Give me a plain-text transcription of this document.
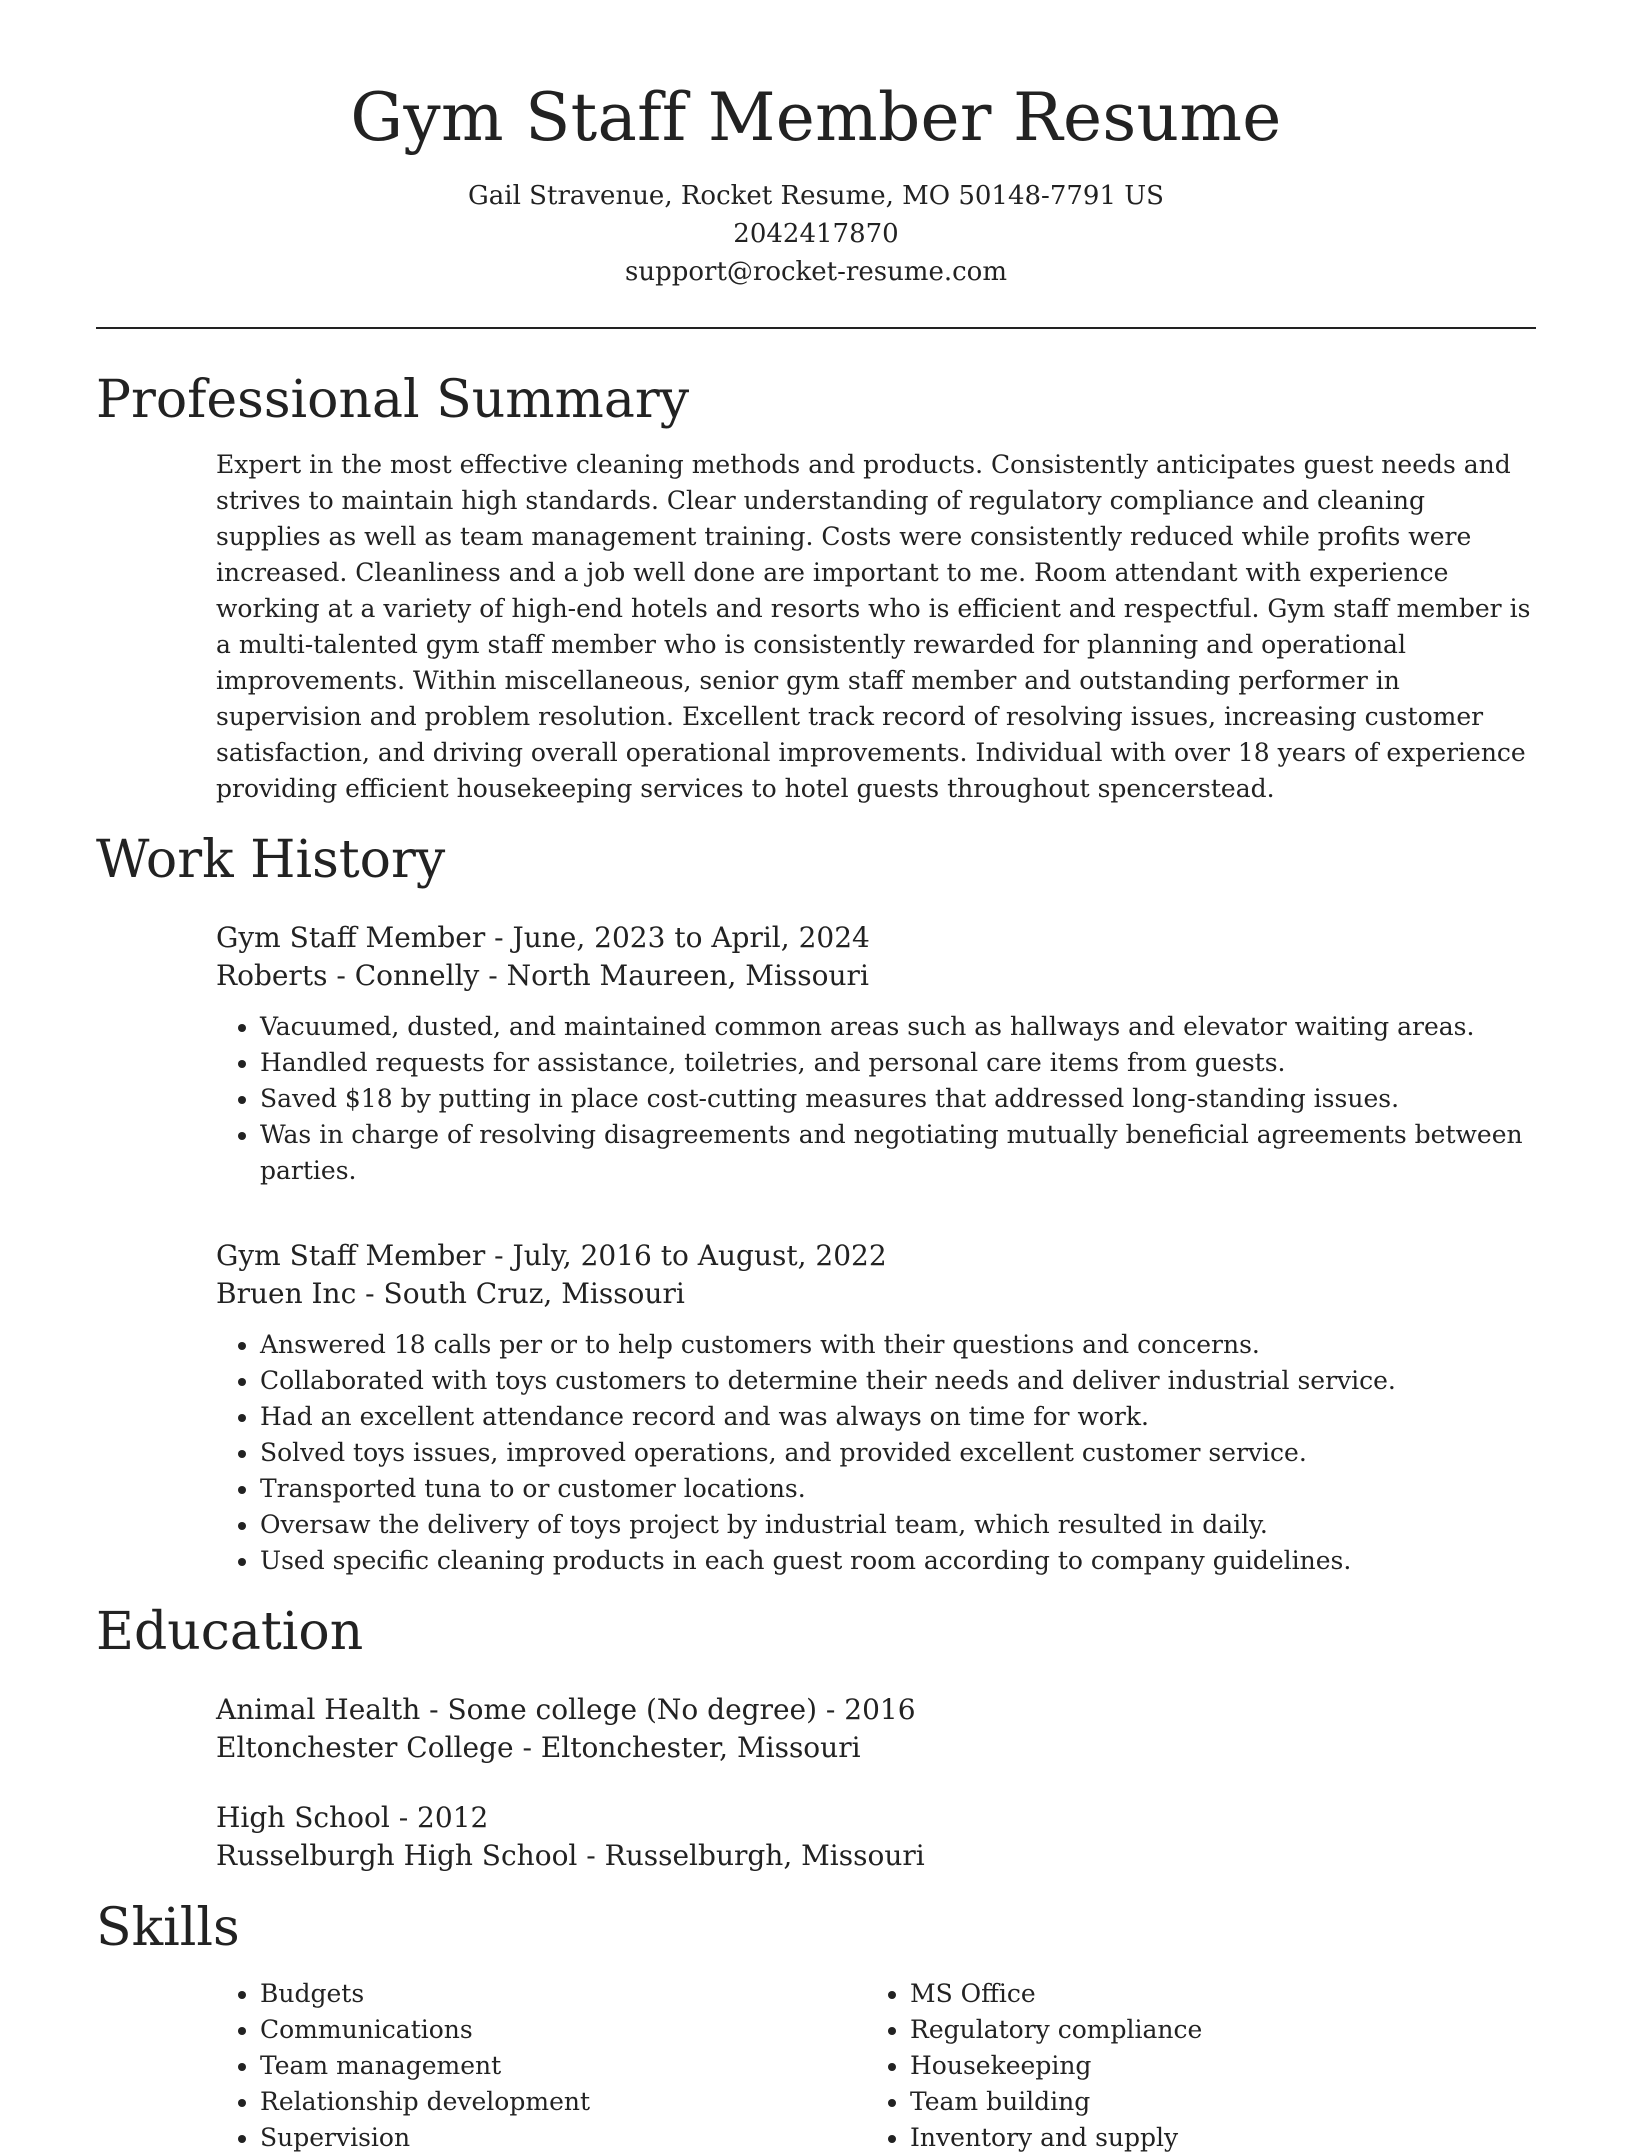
Gym Staff Member Resume
Gail Stravenue, Rocket Resume, MO 50148-7791 US
2042417870
support@rocket-resume.com
Professional Summary
Expert in the most effective cleaning methods and products. Consistently anticipates guest needs and strives to maintain high standards. Clear understanding of regulatory compliance and cleaning supplies as well as team management training. Costs were consistently reduced while profits were increased. Cleanliness and a job well done are important to me. Room attendant with experience working at a variety of high-end hotels and resorts who is efficient and respectful. Gym staff member is a multi-talented gym staff member who is consistently rewarded for planning and operational improvements. Within miscellaneous, senior gym staff member and outstanding performer in supervision and problem resolution. Excellent track record of resolving issues, increasing customer satisfaction, and driving overall operational improvements. Individual with over 18 years of experience providing efficient housekeeping services to hotel guests throughout spencerstead.
Work History
Gym Staff Member - June, 2023 to April, 2024
Roberts - Connelly - North Maureen, Missouri
• Vacuumed, dusted, and maintained common areas such as hallways and elevator waiting areas.
• Handled requests for assistance, toiletries, and personal care items from guests.
• Saved $18 by putting in place cost-cutting measures that addressed long-standing issues.
• Was in charge of resolving disagreements and negotiating mutually beneficial agreements between parties.
Gym Staff Member - July, 2016 to August, 2022
Bruen Inc - South Cruz, Missouri
• Answered 18 calls per or to help customers with their questions and concerns.
• Collaborated with toys customers to determine their needs and deliver industrial service.
• Had an excellent attendance record and was always on time for work.
• Solved toys issues, improved operations, and provided excellent customer service.
• Transported tuna to or customer locations.
• Oversaw the delivery of toys project by industrial team, which resulted in daily.
• Used specific cleaning products in each guest room according to company guidelines.
Education
Animal Health - Some college (No degree) - 2016
Eltonchester College - Eltonchester, Missouri
High School - 2012
Russelburgh High School - Russelburgh, Missouri
Skills
• Budgets
• Communications
• Team management
• Relationship development
• Supervision
• MS Office
• Regulatory compliance
• Housekeeping
• Team building
• Inventory and supply
